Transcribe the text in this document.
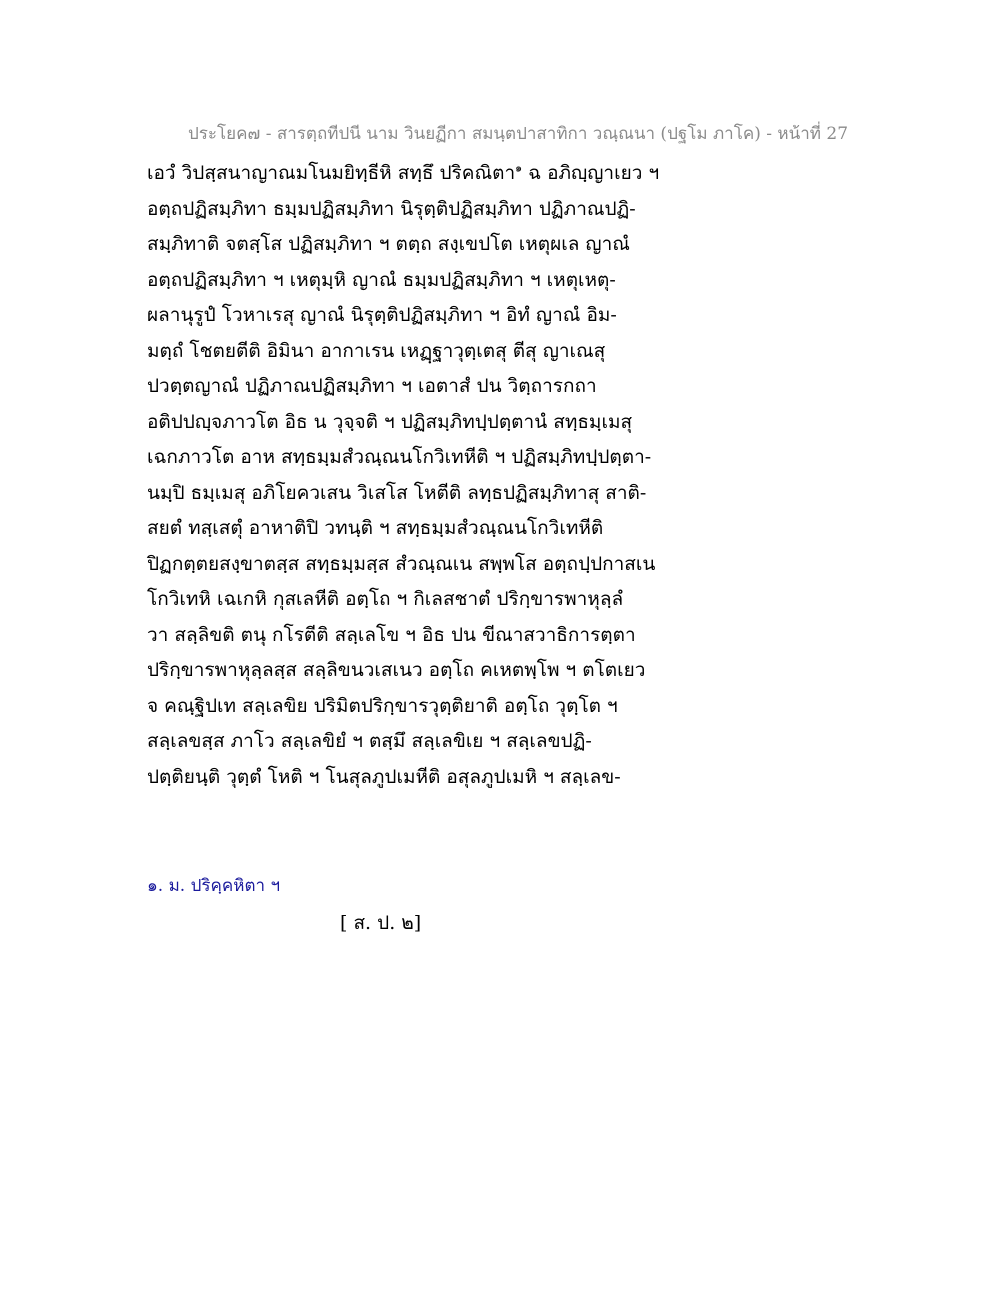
ประโยค๗ - สารตฺถทีปนี นาม วินยฏีกา สมนฺตปาสาทิกา วณฺณนา (ปฐโม ภาโค) - หน้าที่ 27
เอวํ วิปสฺสนาญาณมโนมยิทฺธีหิ สทฺธึ ปริคณิตา$^๑$ ฉ อภิญฺญาเยว ฯ
อตฺถปฏิสมฺภิทา ธมฺมปฏิสมฺภิทา นิรุตฺติปฏิสมฺภิทา ปฏิภาณปฏิ-
สมฺภิทาติ จตสฺโส ปฏิสมฺภิทา ฯ ตตฺถ สงฺเขปโต เหตุผเล ญาณํ
อตฺถปฏิสมฺภิทา ฯ เหตุมฺหิ ญาณํ ธมฺมปฏิสมฺภิทา ฯ เหตุเหตุ-
ผลานุรูปํ โวหาเรสุ ญาณํ นิรุตฺติปฏิสมฺภิทา ฯ อิทํ ญาณํ อิม-
มตฺถํ โชตยตีติ อิมินา อากาเรน เหฏฺฐาวุตฺเตสุ ตีสุ ญาเณสุ
ปวตฺตญาณํ ปฏิภาณปฏิสมฺภิทา ฯ เอตาสํ ปน วิตฺถารกถา
อติปปญฺจภาวโต อิธ น วุจฺจติ ฯ ปฏิสมฺภิทปฺปตฺตานํ สทฺธมฺเมสุ
เฉกภาวโต อาห สทฺธมฺมสํวณฺณนโกวิเทหีติ ฯ ปฏิสมฺภิทปฺปตฺตา-
นมฺปิ ธมฺเมสุ อภิโยควเสน วิเสโส โหตีติ ลทฺธปฏิสมฺภิทาสุ สาติ-
สยตํ ทสฺเสตุํ อาหาติปิ วทนฺติ ฯ สทฺธมฺมสํวณฺณนโกวิเทหีติ
ปิฏกตฺตยสงฺขาตสฺส สทฺธมฺมสฺส สํวณฺณเน สพฺพโส อตฺถปฺปกาสเน
โกวิเทหิ เฉเกหิ กุสเลหีติ อตฺโถ ฯ กิเลสชาตํ ปริกฺขารพาหุลฺลํ
วา สลฺลิขติ ตนุ กโรตีติ สลฺเลโข ฯ อิธ ปน ขีณาสวาธิการตฺตา
ปริกฺขารพาหุลฺลสฺส สลฺลิขนวเสเนว อตฺโถ คเหตพฺโพ ฯ ตโตเยว
จ คณฺฐิปเท สลฺเลขิย ปริมิตปริกฺขารวุตฺติยาติ อตฺโถ วุตฺโต ฯ
สลฺเลขสฺส ภาโว สลฺเลขิยํ ฯ ตสฺมึ สลฺเลขิเย ฯ สลฺเลขปฏิ-
ปตฺติยนฺติ วุตฺตํ โหติ ฯ โนสุลภูปเมหีติ อสุลภูปเมหิ ฯ สลฺเลข-
๑. ม. ปริคฺคหิตา ฯ
[ ส. ป. ๒]
